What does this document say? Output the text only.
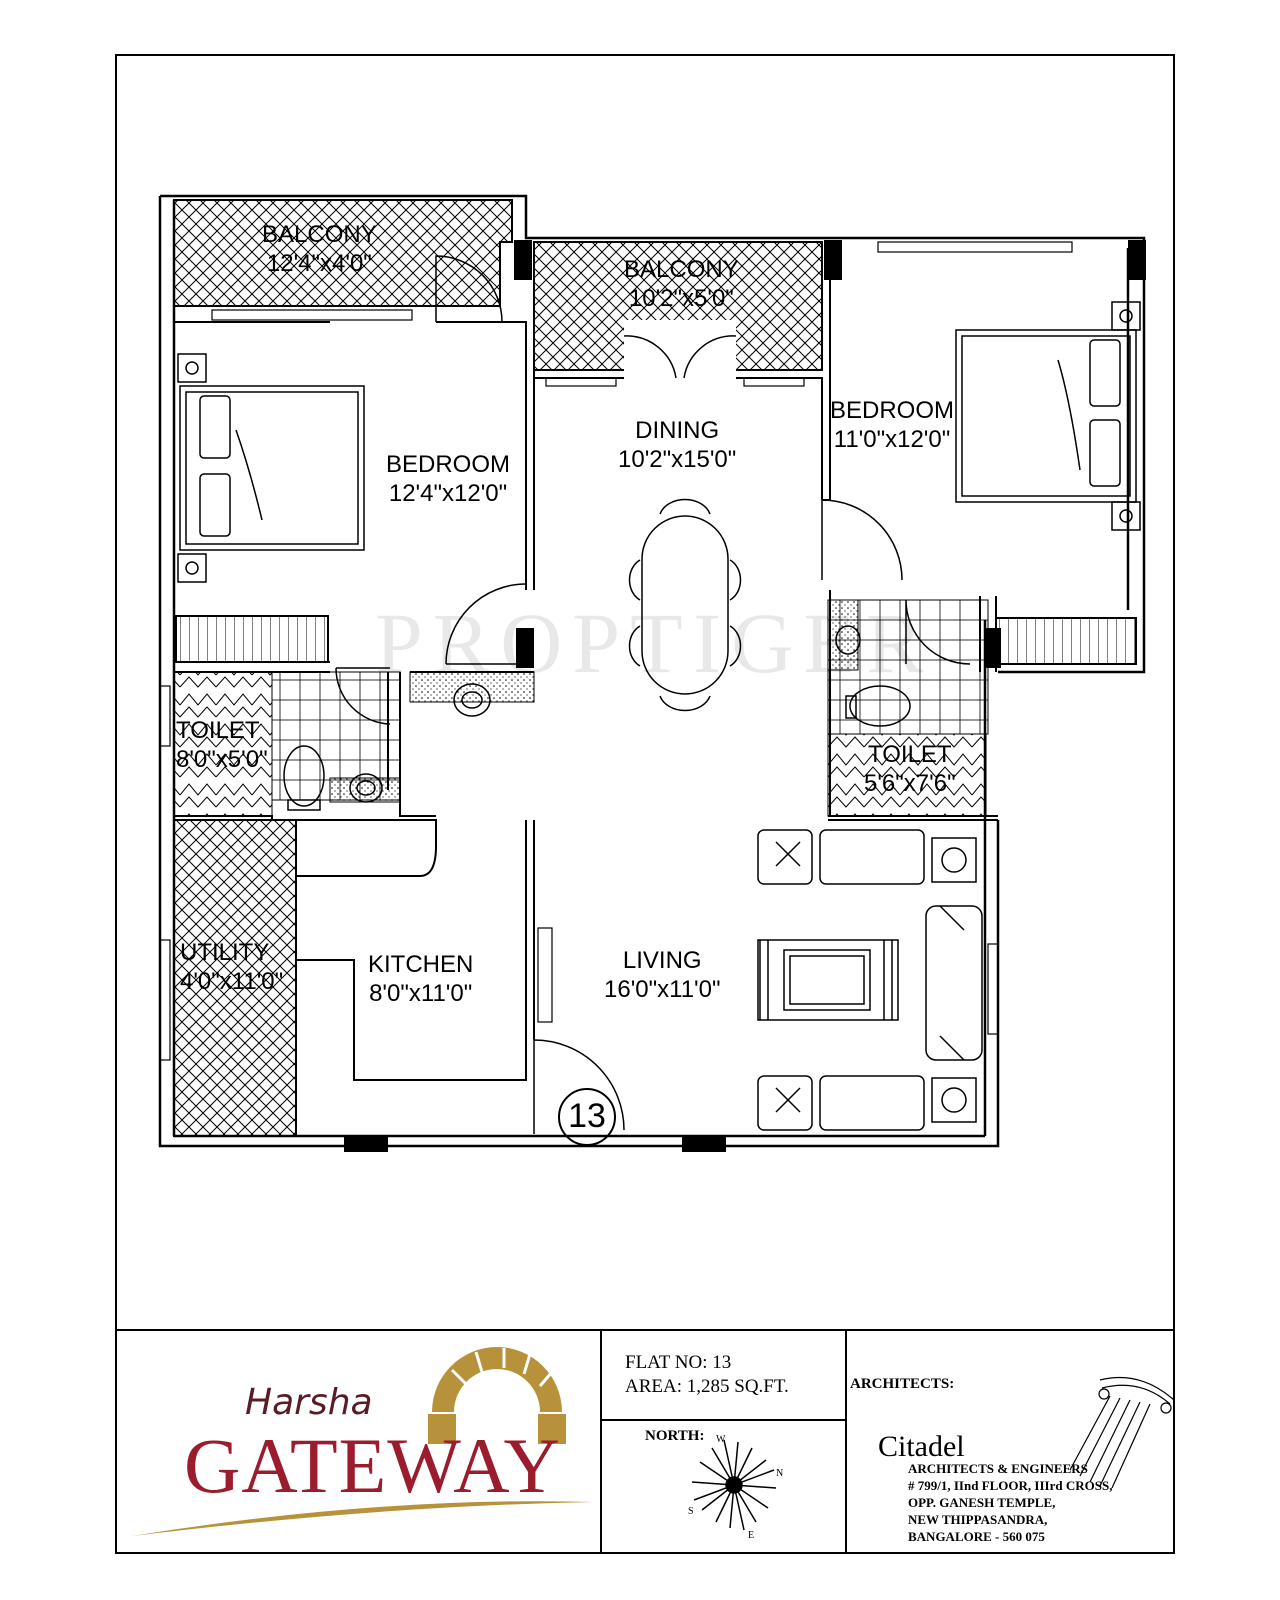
PROPTIGER
BALCONY
12'4"x4'0"	BALCONY
10'2"x5'0"
BEDROOM
12'4"x12'0"
DINING
10'2"x15'0"
BEDROOM
11'0"x12'0"
TOILET
8'0"x5'0"	TOILET
5'6"x7'6"
UTILITY
4'0"x11'0"
KITCHEN
8'0"x11'0"
LIVING
16'0"x11'0"
13
Harsha
GATEWAY
FLAT NO: 13
AREA: 1,285 SQ.FT.
NORTH: W
N
S
E
ARCHITECTS:
Citadel
ARCHITECTS & ENGINEERS
# 799/1, IInd FLOOR, IIIrd CROSS,
OPP. GANESH TEMPLE,
NEW THIPPASANDRA,
BANGALORE - 560 075
